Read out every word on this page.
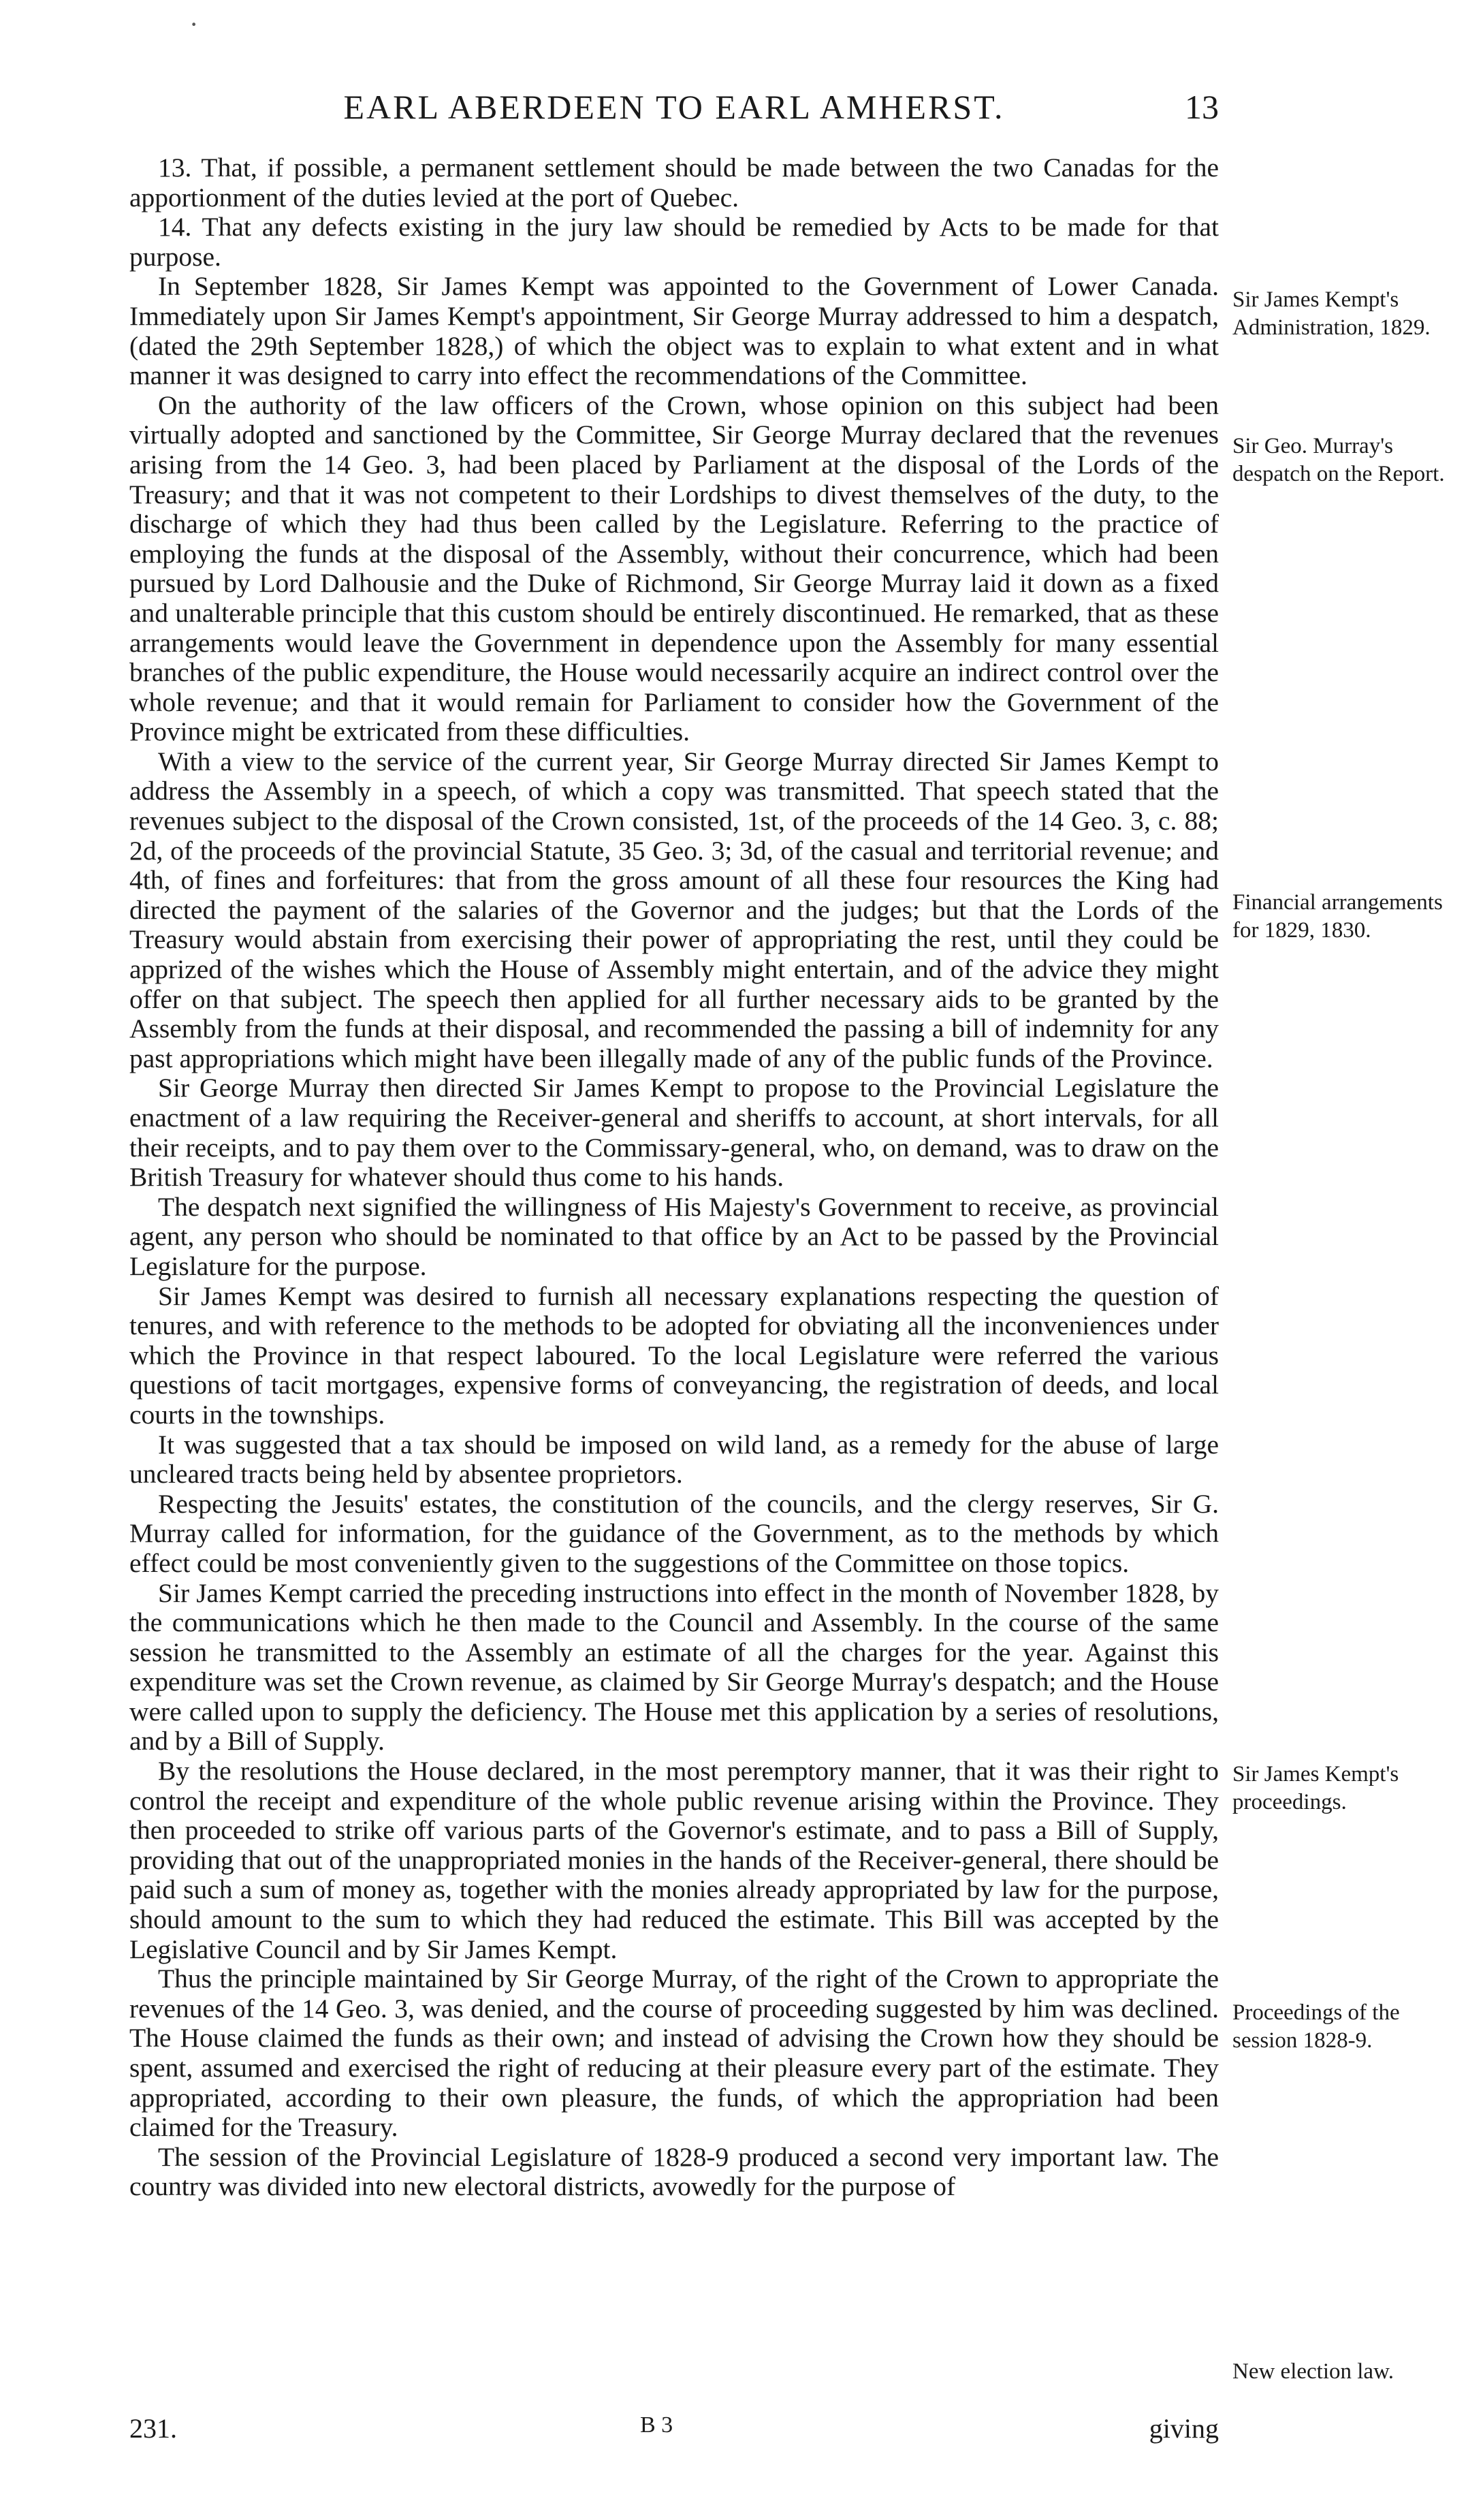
·
EARL ABERDEEN TO EARL AMHERST.	13

13. That, if possible, a permanent settlement should be made between the two Canadas for the apportionment of the duties levied at the port of Quebec.

14. That any defects existing in the jury law should be remedied by Acts to be made for that purpose.

In September 1828, Sir James Kempt was appointed to the Government of Lower Canada. Immediately upon Sir James Kempt's appointment, Sir George Murray addressed to him a despatch, (dated the 29th September 1828,) of which the object was to explain to what extent and in what manner it was designed to carry into effect the recommendations of the Committee.

On the authority of the law officers of the Crown, whose opinion on this subject had been virtually adopted and sanctioned by the Committee, Sir George Murray declared that the revenues arising from the 14 Geo. 3, had been placed by Parliament at the disposal of the Lords of the Treasury; and that it was not competent to their Lordships to divest themselves of the duty, to the discharge of which they had thus been called by the Legislature. Referring to the practice of employing the funds at the disposal of the Assembly, without their concurrence, which had been pursued by Lord Dalhousie and the Duke of Richmond, Sir George Murray laid it down as a fixed and unalterable principle that this custom should be entirely discontinued. He remarked, that as these arrangements would leave the Government in dependence upon the Assembly for many essential branches of the public expenditure, the House would necessarily acquire an indirect control over the whole revenue; and that it would remain for Parliament to consider how the Government of the Province might be extricated from these difficulties.

With a view to the service of the current year, Sir George Murray directed Sir James Kempt to address the Assembly in a speech, of which a copy was transmitted. That speech stated that the revenues subject to the disposal of the Crown consisted, 1st, of the proceeds of the 14 Geo. 3, c. 88; 2d, of the proceeds of the provincial Statute, 35 Geo. 3; 3d, of the casual and territorial revenue; and 4th, of fines and forfeitures: that from the gross amount of all these four resources the King had directed the payment of the salaries of the Governor and the judges; but that the Lords of the Treasury would abstain from exercising their power of appropriating the rest, until they could be apprized of the wishes which the House of Assembly might entertain, and of the advice they might offer on that subject. The speech then applied for all further necessary aids to be granted by the Assembly from the funds at their disposal, and recommended the passing a bill of indemnity for any past appropriations which might have been illegally made of any of the public funds of the Province.

Sir George Murray then directed Sir James Kempt to propose to the Provincial Legislature the enactment of a law requiring the Receiver-general and sheriffs to account, at short intervals, for all their receipts, and to pay them over to the Commissary-general, who, on demand, was to draw on the British Treasury for whatever should thus come to his hands.

The despatch next signified the willingness of His Majesty's Government to receive, as provincial agent, any person who should be nominated to that office by an Act to be passed by the Provincial Legislature for the purpose.

Sir James Kempt was desired to furnish all necessary explanations respecting the question of tenures, and with reference to the methods to be adopted for obviating all the inconveniences under which the Province in that respect laboured. To the local Legislature were referred the various questions of tacit mortgages, expensive forms of conveyancing, the registration of deeds, and local courts in the townships.

It was suggested that a tax should be imposed on wild land, as a remedy for the abuse of large uncleared tracts being held by absentee proprietors.

Respecting the Jesuits' estates, the constitution of the councils, and the clergy reserves, Sir G. Murray called for information, for the guidance of the Government, as to the methods by which effect could be most conveniently given to the suggestions of the Committee on those topics.

Sir James Kempt carried the preceding instructions into effect in the month of November 1828, by the communications which he then made to the Council and Assembly. In the course of the same session he transmitted to the Assembly an estimate of all the charges for the year. Against this expenditure was set the Crown revenue, as claimed by Sir George Murray's despatch; and the House were called upon to supply the deficiency. The House met this application by a series of resolutions, and by a Bill of Supply.

By the resolutions the House declared, in the most peremptory manner, that it was their right to control the receipt and expenditure of the whole public revenue arising within the Province. They then proceeded to strike off various parts of the Governor's estimate, and to pass a Bill of Supply, providing that out of the unappropriated monies in the hands of the Receiver-general, there should be paid such a sum of money as, together with the monies already appropriated by law for the purpose, should amount to the sum to which they had reduced the estimate. This Bill was accepted by the Legislative Council and by Sir James Kempt.

Thus the principle maintained by Sir George Murray, of the right of the Crown to appropriate the revenues of the 14 Geo. 3, was denied, and the course of proceeding suggested by him was declined. The House claimed the funds as their own; and instead of advising the Crown how they should be spent, assumed and exercised the right of reducing at their pleasure every part of the estimate. They appropriated, according to their own pleasure, the funds, of which the appropriation had been claimed for the Treasury.

The session of the Provincial Legislature of 1828-9 produced a second very important law. The country was divided into new electoral districts, avowedly for the purpose of

Sir James Kempt's Administration, 1829.
Sir Geo. Murray's despatch on the Report.
Financial arrangements for 1829, 1830.
Sir James Kempt's proceedings.
Proceedings of the session 1828-9.
New election law.
231.	B 3	giving
